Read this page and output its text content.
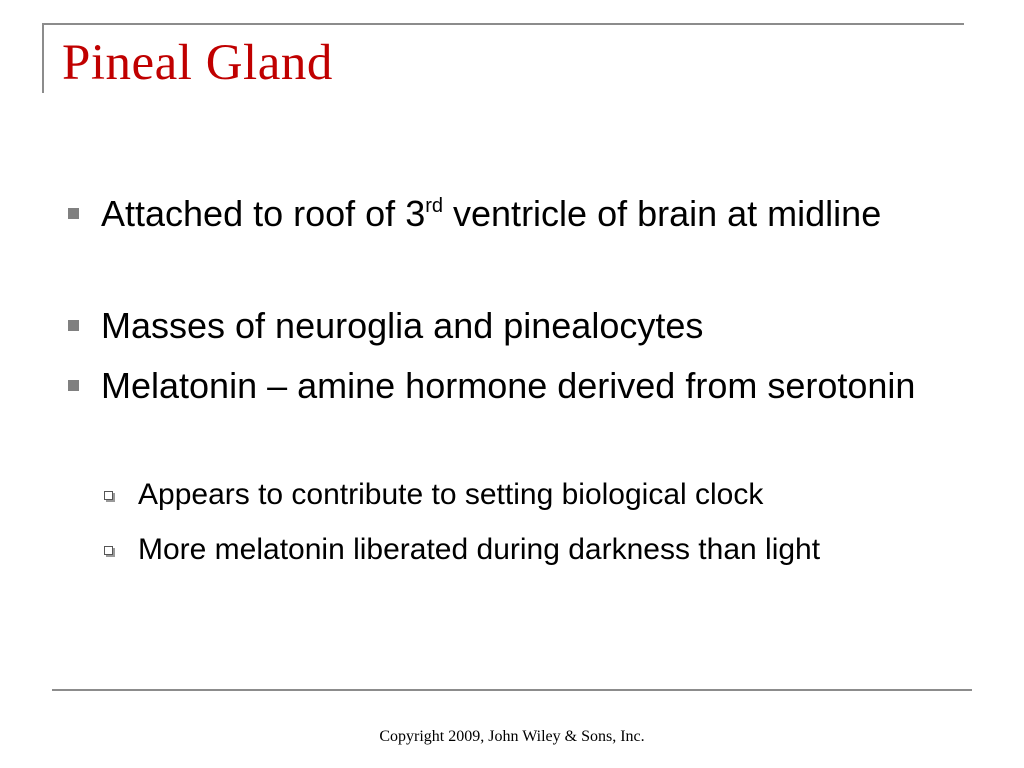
Pineal Gland
Attached to roof of 3rd ventricle of brain at midline
Masses of neuroglia and pinealocytes
Melatonin – amine hormone derived from serotonin
Appears to contribute to setting biological clock
More melatonin liberated during darkness than light
Copyright 2009, John Wiley & Sons, Inc.
